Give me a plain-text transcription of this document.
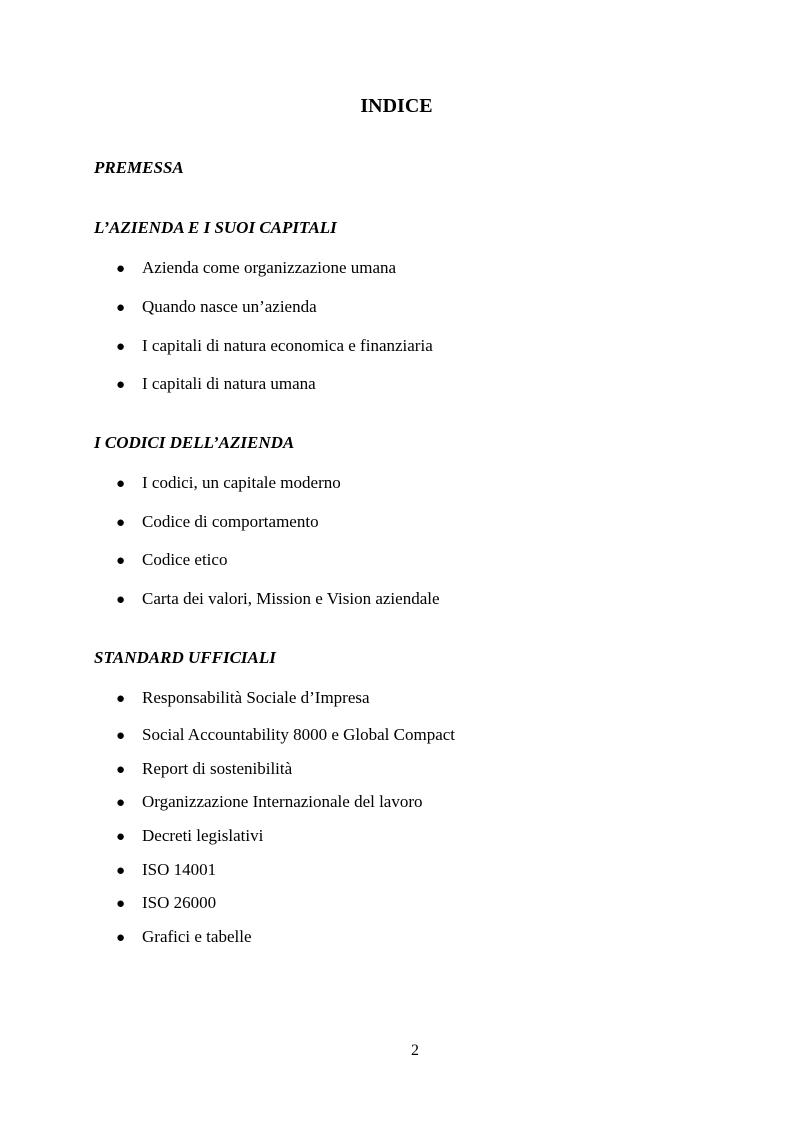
INDICE
PREMESSA
L’AZIENDA E I SUOI CAPITALI
● Azienda come organizzazione umana
● Quando nasce un’azienda
● I capitali di natura economica e finanziaria
● I capitali di natura umana
I CODICI DELL’AZIENDA
● I codici, un capitale moderno
● Codice di comportamento
● Codice etico
● Carta dei valori, Mission e Vision aziendale
STANDARD UFFICIALI
● Responsabilità Sociale d’Impresa
● Social Accountability 8000 e Global Compact
● Report di sostenibilità
● Organizzazione Internazionale del lavoro
● Decreti legislativi
● ISO 14001
● ISO 26000
● Grafici e tabelle
2
